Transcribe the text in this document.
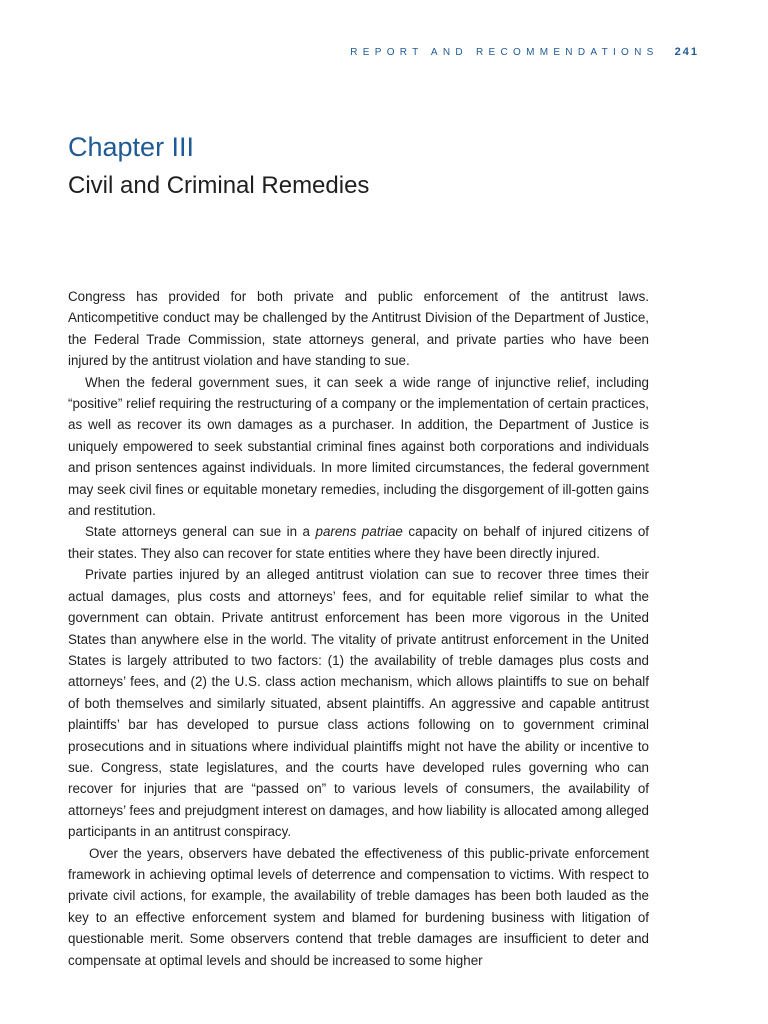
REPORT AND RECOMMENDATIONS 241
Chapter III
Civil and Criminal Remedies

Congress has provided for both private and public enforcement of the antitrust laws. Anticompetitive conduct may be challenged by the Antitrust Division of the Department of Justice, the Federal Trade Commission, state attorneys general, and private parties who have been injured by the antitrust violation and have standing to sue.

When the federal government sues, it can seek a wide range of injunctive relief, including “positive” relief requiring the restructuring of a company or the implementation of certain practices, as well as recover its own damages as a purchaser. In addition, the Department of Justice is uniquely empowered to seek substantial criminal fines against both corporations and individuals and prison sentences against individuals. In more limited circumstances, the federal government may seek civil fines or equitable monetary remedies, including the disgorgement of ill-gotten gains and restitution.

State attorneys general can sue in a parens patriae capacity on behalf of injured citizens of their states. They also can recover for state entities where they have been directly injured.

Private parties injured by an alleged antitrust violation can sue to recover three times their actual damages, plus costs and attorneys’ fees, and for equitable relief similar to what the government can obtain. Private antitrust enforcement has been more vigorous in the United States than anywhere else in the world. The vitality of private antitrust enforcement in the United States is largely attributed to two factors: (1) the availability of treble damages plus costs and attorneys’ fees, and (2) the U.S. class action mechanism, which allows plaintiffs to sue on behalf of both themselves and similarly situated, absent plaintiffs. An aggressive and capable antitrust plaintiffs’ bar has developed to pursue class actions following on to government criminal prosecutions and in situations where individual plaintiffs might not have the ability or incentive to sue. Congress, state legislatures, and the courts have developed rules governing who can recover for injuries that are “passed on” to various levels of consumers, the availability of attorneys’ fees and prejudgment interest on damages, and how liability is allocated among alleged participants in an antitrust conspiracy.

Over the years, observers have debated the effectiveness of this public-private enforcement framework in achieving optimal levels of deterrence and compensation to victims. With respect to private civil actions, for example, the availability of treble damages has been both lauded as the key to an effective enforcement system and blamed for burdening business with litigation of questionable merit. Some observers contend that treble damages are insufficient to deter and compensate at optimal levels and should be increased to some higher
